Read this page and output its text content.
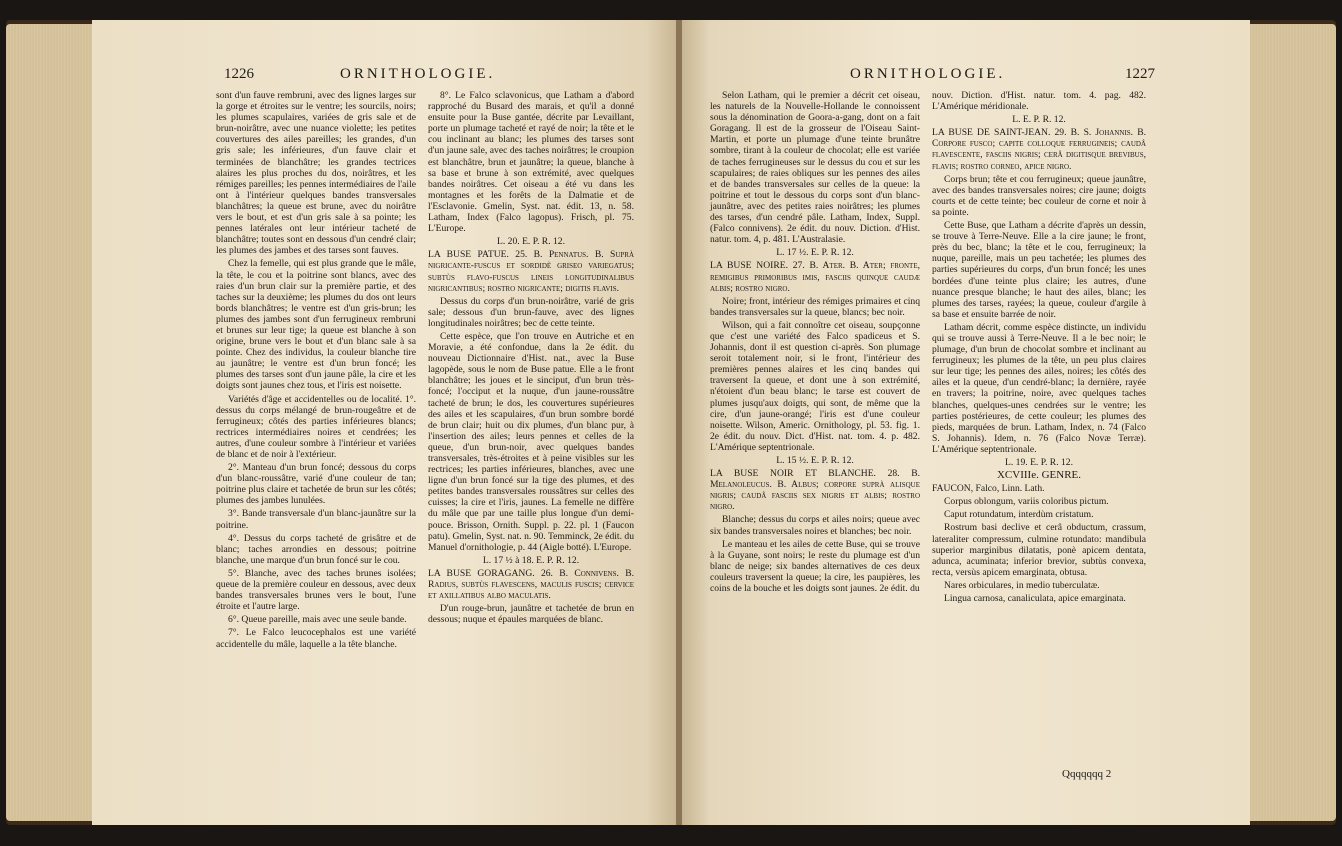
1226	ORNITHOLOGIE.

sont d'un fauve rembruni, avec des lignes larges sur la gorge et étroites sur le ventre; les sourcils, noirs; les plumes scapulaires, variées de gris sale et de brun-noirâtre, avec une nuance violette; les petites couvertures des ailes pareilles; les grandes, d'un gris sale; les inférieures, d'un fauve clair et terminées de blanchâtre; les grandes tectrices alaires les plus proches du dos, noirâtres, et les rémiges pareilles; les pennes intermédiaires de l'aile ont à l'intérieur quelques bandes transversales blanchâtres; la queue est brune, avec du noirâtre vers le bout, et est d'un gris sale à sa pointe; les pennes latérales ont leur intérieur tacheté de blanchâtre; toutes sont en dessous d'un cendré clair; les plumes des jambes et des tarses sont fauves.

Chez la femelle, qui est plus grande que le mâle, la tête, le cou et la poitrine sont blancs, avec des raies d'un brun clair sur la première partie, et des taches sur la deuxième; les plumes du dos ont leurs bords blanchâtres; le ventre est d'un gris-brun; les plumes des jambes sont d'un ferrugineux rembruni et brunes sur leur tige; la queue est blanche à son origine, brune vers le bout et d'un blanc sale à sa pointe. Chez des individus, la couleur blanche tire au jaunâtre; le ventre est d'un brun foncé; les plumes des tarses sont d'un jaune pâle, la cire et les doigts sont jaunes chez tous, et l'iris est noisette.

Variétés d'âge et accidentelles ou de localité. 1°. dessus du corps mélangé de brun-rougeâtre et de ferrugineux; côtés des parties inférieures blancs; rectrices intermédiaires noires et cendrées; les autres, d'une couleur sombre à l'intérieur et variées de blanc et de noir à l'extérieur.

2°. Manteau d'un brun foncé; dessous du corps d'un blanc-roussâtre, varié d'une couleur de tan; poitrine plus claire et tachetée de brun sur les côtés; plumes des jambes lunulées.

3°. Bande transversale d'un blanc-jaunâtre sur la poitrine.

4°. Dessus du corps tacheté de grisâtre et de blanc; taches arrondies en dessous; poitrine blanche, une marque d'un brun foncé sur le cou.

5°. Blanche, avec des taches brunes isolées; queue de la première couleur en dessous, avec deux bandes transversales brunes vers le bout, l'une étroite et l'autre large.

6°. Queue pareille, mais avec une seule bande.

7°. Le Falco leucocephalos est une variété accidentelle du mâle, laquelle a la tête blanche.

8°. Le Falco sclavonicus, que Latham a d'abord rapproché du Busard des marais, et qu'il a donné ensuite pour la Buse gantée, décrite par Levaillant, porte un plumage tacheté et rayé de noir; la tête et le cou inclinant au blanc; les plumes des tarses sont d'un jaune sale, avec des taches noirâtres; le croupion est blanchâtre, brun et jaunâtre; la queue, blanche à sa base et brune à son extrémité, avec quelques bandes noirâtres. Cet oiseau a été vu dans les montagnes et les forêts de la Dalmatie et de l'Esclavonie. Gmelin, Syst. nat. édit. 13, n. 58. Latham, Index (Falco lagopus). Frisch, pl. 75. L'Europe.

L. 20. E. P. R. 12.

LA BUSE PATUE. 25. B. Pennatus. B. Suprà nigricante-fuscus et sordidè griseo variegatus; subtùs flavo-fuscus lineis longitudinalibus nigricantibus; rostro nigricante; digitis flavis.

Dessus du corps d'un brun-noirâtre, varié de gris sale; dessous d'un brun-fauve, avec des lignes longitudinales noirâtres; bec de cette teinte.

Cette espèce, que l'on trouve en Autriche et en Moravie, a été confondue, dans la 2e édit. du nouveau Dictionnaire d'Hist. nat., avec la Buse lagopède, sous le nom de Buse patue. Elle a le front blanchâtre; les joues et le sinciput, d'un brun très-foncé; l'occiput et la nuque, d'un jaune-roussâtre tacheté de brun; le dos, les couvertures supérieures des ailes et les scapulaires, d'un brun sombre bordé de brun clair; huit ou dix plumes, d'un blanc pur, à l'insertion des ailes; leurs pennes et celles de la queue, d'un brun-noir, avec quelques bandes transversales, très-étroites et à peine visibles sur les rectrices; les parties inférieures, blanches, avec une ligne d'un brun foncé sur la tige des plumes, et des petites bandes transversales roussâtres sur celles des cuisses; la cire et l'iris, jaunes. La femelle ne diffère du mâle que par une taille plus longue d'un demi-pouce. Brisson, Ornith. Suppl. p. 22. pl. 1 (Faucon patu). Gmelin, Syst. nat. n. 90. Temminck, 2e édit. du Manuel d'ornithologie, p. 44 (Aigle botté). L'Europe.

L. 17 ½ à 18. E. P. R. 12.

LA BUSE GORAGANG. 26. B. Connivens. B. Radius, subtùs flavescens, maculis fuscis; cervice et axillatibus albo maculatis.

D'un rouge-brun, jaunâtre et tachetée de brun en dessous; nuque et épaules marquées de blanc.

ORNITHOLOGIE.	1227

Selon Latham, qui le premier a décrit cet oiseau, les naturels de la Nouvelle-Hollande le connoissent sous la dénomination de Goora-a-gang, dont on a fait Goragang. Il est de la grosseur de l'Oiseau Saint-Martin, et porte un plumage d'une teinte brunâtre sombre, tirant à la couleur de chocolat; elle est variée de taches ferrugineuses sur le dessus du cou et sur les scapulaires; de raies obliques sur les pennes des ailes et de bandes transversales sur celles de la queue: la poitrine et tout le dessous du corps sont d'un blanc-jaunâtre, avec des petites raies noirâtres; les plumes des tarses, d'un cendré pâle. Latham, Index, Suppl. (Falco connivens). 2e édit. du nouv. Diction. d'Hist. natur. tom. 4, p. 481. L'Australasie.

L. 17 ½. E. P. R. 12.

LA BUSE NOIRE. 27. B. Ater. B. Ater; fronte, remigibus primoribus imis, fasciis quinque caudæ albis; rostro nigro.

Noire; front, intérieur des rémiges primaires et cinq bandes transversales sur la queue, blancs; bec noir.

Wilson, qui a fait connoître cet oiseau, soupçonne que c'est une variété des Falco spadiceus et S. Johannis, dont il est question ci-après. Son plumage seroit totalement noir, si le front, l'intérieur des premières pennes alaires et les cinq bandes qui traversent la queue, et dont une à son extrémité, n'étoient d'un beau blanc; le tarse est couvert de plumes jusqu'aux doigts, qui sont, de même que la cire, d'un jaune-orangé; l'iris est d'une couleur noisette. Wilson, Americ. Ornithology, pl. 53. fig. 1. 2e édit. du nouv. Dict. d'Hist. nat. tom. 4. p. 482. L'Amérique septentrionale.

L. 15 ½. E. P. R. 12.

LA BUSE NOIR ET BLANCHE. 28. B. Melanoleucus. B. Albus; corpore suprà alisque nigris; caudâ fasciis sex nigris et albis; rostro nigro.

Blanche; dessus du corps et ailes noirs; queue avec six bandes transversales noires et blanches; bec noir.

Le manteau et les ailes de cette Buse, qui se trouve à la Guyane, sont noirs; le reste du plumage est d'un blanc de neige; six bandes alternatives de ces deux couleurs traversent la queue; la cire, les paupières, les coins de la bouche et les doigts sont jaunes. 2e édit. du

nouv. Diction. d'Hist. natur. tom. 4. pag. 482. L'Amérique méridionale.

L. E. P. R. 12.

LA BUSE DE SAINT-JEAN. 29. B. S. Johannis. B. Corpore fusco; capite colloque ferrugineis; caudâ flavescente, fasciis nigris; cerâ digitisque brevibus, flavis; rostro corneo, apice nigro.

Corps brun; tête et cou ferrugineux; queue jaunâtre, avec des bandes transversales noires; cire jaune; doigts courts et de cette teinte; bec couleur de corne et noir à sa pointe.

Cette Buse, que Latham a décrite d'après un dessin, se trouve à Terre-Neuve. Elle a la cire jaune; le front, près du bec, blanc; la tête et le cou, ferrugineux; la nuque, pareille, mais un peu tachetée; les plumes des parties supérieures du corps, d'un brun foncé; les unes bordées d'une teinte plus claire; les autres, d'une nuance presque blanche; le haut des ailes, blanc; les plumes des tarses, rayées; la queue, couleur d'argile à sa base et ensuite barrée de noir.

Latham décrit, comme espèce distincte, un individu qui se trouve aussi à Terre-Neuve. Il a le bec noir; le plumage, d'un brun de chocolat sombre et inclinant au ferrugineux; les plumes de la tête, un peu plus claires sur leur tige; les pennes des ailes, noires; les côtés des ailes et la queue, d'un cendré-blanc; la dernière, rayée en travers; la poitrine, noire, avec quelques taches blanches, quelques-unes cendrées sur le ventre; les parties postérieures, de cette couleur; les plumes des pieds, marquées de brun. Latham, Index, n. 74 (Falco S. Johannis). Idem, n. 76 (Falco Novæ Terræ). L'Amérique septentrionale.

L. 19. E. P. R. 12.

XCVIIIe. GENRE.

FAUCON, Falco, Linn. Lath.

Corpus oblongum, variis coloribus pictum.

Caput rotundatum, interdùm cristatum.

Rostrum basi declive et cerâ obductum, crassum, lateraliter compressum, culmine rotundato: mandibula superior marginibus dilatatis, ponè apicem dentata, adunca, acuminata; inferior brevior, subtùs convexa, recta, versùs apicem emarginata, obtusa.

Nares orbiculares, in medio tuberculatæ.

Lingua carnosa, canaliculata, apice emarginata.

Qqqqqqq 2
